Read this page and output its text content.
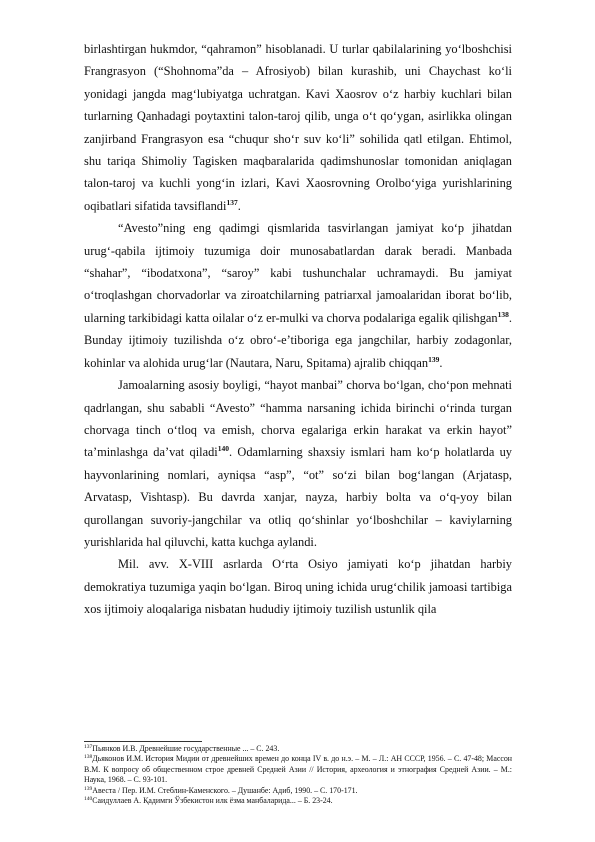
birlashtirgan hukmdor, “qahramon” hisoblanadi. U turlar qabilalarining yo‘lboshchisi Frangrasyon (“Shohnoma”da – Afrosiyob) bilan kurashib, uni Chaychast ko‘li yonidagi jangda mag‘lubiyatga uchratgan. Kavi Xaosrov o‘z harbiy kuchlari bilan turlarning Qanhadagi poytaxtini talon-taroj qilib, unga o‘t qo‘ygan, asirlikka olingan zanjirband Frangrasyon esa “chuqur sho‘r suv ko‘li” sohilida qatl etilgan. Ehtimol, shu tariqa Shimoliy Tagisken maqbaralarida qadimshunoslar tomonidan aniqlagan talon-taroj va kuchli yong‘in izlari, Kavi Xaosrovning Orolbo‘yiga yurishlarining oqibatlari sifatida tavsiflandi$^{137}$.

“Avesto”ning eng qadimgi qismlarida tasvirlangan jamiyat ko‘p jihatdan urug‘-qabila ijtimoiy tuzumiga doir munosabatlardan darak beradi. Manbada “shahar”, “ibodatxona”, “saroy” kabi tushunchalar uchramaydi. Bu jamiyat o‘troqlashgan chorvadorlar va ziroatchilarning patriarxal jamoalaridan iborat bo‘lib, ularning tarkibidagi katta oilalar o‘z er-mulki va chorva podalariga egalik qilishgan$^{138}$. Bunday ijtimoiy tuzilishda o‘z obro‘-e’tiboriga ega jangchilar, harbiy zodagonlar, kohinlar va alohida urug‘lar (Nautara, Naru, Spitama) ajralib chiqqan$^{139}$.

Jamoalarning asosiy boyligi, “hayot manbai” chorva bo‘lgan, cho‘pon mehnati qadrlangan, shu sababli “Avesto” “hamma narsaning ichida birinchi o‘rinda turgan chorvaga tinch o‘tloq va emish, chorva egalariga erkin harakat va erkin hayot” ta’minlashga da’vat qiladi$^{140}$. Odamlarning shaxsiy ismlari ham ko‘p holatlarda uy hayvonlarining nomlari, ayniqsa “asp”, “ot” so‘zi bilan bog‘langan (Arjatasp, Arvatasp, Vishtasp). Bu davrda xanjar, nayza, harbiy bolta va o‘q-yoy bilan qurollangan suvoriy-jangchilar va otliq qo‘shinlar yo‘lboshchilar – kaviylarning yurishlarida hal qiluvchi, katta kuchga aylandi.

Mil. avv. X-VIII asrlarda O‘rta Osiyo jamiyati ko‘p jihatdan harbiy demokratiya tuzumiga yaqin bo‘lgan. Biroq uning ichida urug‘chilik jamoasi tartibiga xos ijtimoiy aloqalariga nisbatan hududiy ijtimoiy tuzilish ustunlik qila

$^{137}$Пьянков И.В. Древнейшие государственные ... – С. 243.

$^{138}$Дьяконов И.М. История Мидии от древнейших времен до конца IV в. до н.э. – М. – Л.: АН СССР, 1956. – С. 47-48; Массон В.М. К вопросу об общественном строе древней Средней Азии // История, археология и этнография Средней Азии. – М.: Наука, 1968. – С. 93-101.

$^{139}$Авеста / Пер. И.М. Стеблин-Каменского. – Душанбе: Адиб, 1990. – С. 170-171.

$^{140}$Саидуллаев А. Қадимги Ўзбекистон илк ёзма манбаларида... – Б. 23-24.
